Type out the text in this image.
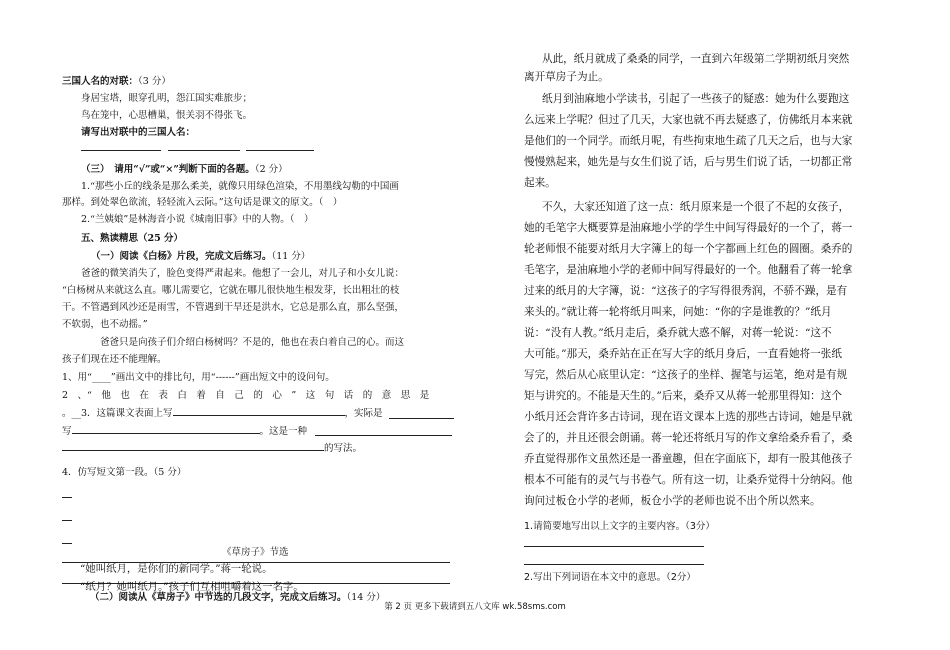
三国人名的对联：（3 分）
身居宝塔，眼穿孔明，怨江国实难旅步；
鸟在笼中，心思槽巢，恨关羽不得张飞。
请写出对联中的三国人名：
（三）　请用“√”或“×”判断下面的各题。（2 分）
1.“那些小丘的线条是那么柔美，就像只用绿色渲染，不用墨线勾勒的中国画
那样。到处翠色欲流，轻轻流入云际。”这句话是课文的原文。（　）
2.“兰姨娘”是林海音小说《城南旧事》中的人物。（　）
五、熟读精思（25 分）
（一）阅读《白杨》片段，完成文后练习。（11 分）
爸爸的微笑消失了，脸色变得严肃起来。他想了一会儿，对儿子和小女儿说：
“白杨树从来就这么直。哪儿需要它，它就在哪儿很快地生根发芽，长出粗壮的枝
干。不管遇到风沙还是雨雪，不管遇到干旱还是洪水，它总是那么直，那么坚强，
不软弱，也不动摇。”
爸爸只是向孩子们介绍白杨树吗？不是的，他也在表白着自己的心。而这
孩子们现在还不能理解。
1、用“____”画出文中的排比句，用“------”画出短文中的设问句。
2　、“　他　也　在　表　白　着　自　己　的　心　”　这　句　话　的　意　思　是
。__3．这篇课文表面上写	，实际是
写	。这是一种
的写法。
4．仿写短文第一段。（5 分）
（二）阅读从《草房子》中节选的几段文字，完成文后练习。（14 分）
《草房子》节选
“她叫纸月，是你们的新同学。”蒋一轮说。
“纸月？她叫纸月。”孩子们互相咀嚼着这一名字。
从此，纸月就成了桑桑的同学，一直到六年级第二学期初纸月突然
离开草房子为止。
纸月到油麻地小学读书，引起了一些孩子的疑惑：她为什么要跑这
么远来上学呢？但过了几天，大家也就不再去疑惑了，仿佛纸月本来就
是他们的一个同学。而纸月呢，有些拘束地生疏了几天之后，也与大家
慢慢熟起来，她先是与女生们说了话，后与男生们说了话，一切都正常
起来。
不久，大家还知道了这一点：纸月原来是一个很了不起的女孩子，
她的毛笔字大概要算是油麻地小学的学生中间写得最好的一个了，蒋一
轮老师恨不能要对纸月大字簿上的每一个字都画上红色的圆圈。桑乔的
毛笔字，是油麻地小学的老师中间写得最好的一个。他翻看了蒋一轮拿
过来的纸月的大字簿，说：“这孩子的字写得很秀润，不骄不躁，是有
来头的。”就让蒋一轮将纸月叫来，问她：“你的字是谁教的？”纸月
说：“没有人教。”纸月走后，桑乔就大惑不解，对蒋一轮说：“这不
大可能。”那天，桑乔站在正在写大字的纸月身后，一直看她将一张纸
写完，然后从心底里认定：“这孩子的坐样、握笔与运笔，绝对是有规
矩与讲究的。不能是天生的。”后来，桑乔又从蒋一轮那里得知：这个
小纸月还会背许多古诗词，现在语文课本上选的那些古诗词，她是早就
会了的，并且还很会朗诵。蒋一轮还将纸月写的作文拿给桑乔看了，桑
乔直觉得那作文虽然还是一番童趣，但在字面底下，却有一股其他孩子
根本不可能有的灵气与书卷气。所有这一切，让桑乔觉得十分纳闷。他
询问过板仓小学的老师，板仓小学的老师也说不出个所以然来。
1.请简要地写出以上文字的主要内容。（3分）
2.写出下列词语在本文中的意思。（2分）
第 2 页 更多下载请到五八文库 wk.58sms.com
